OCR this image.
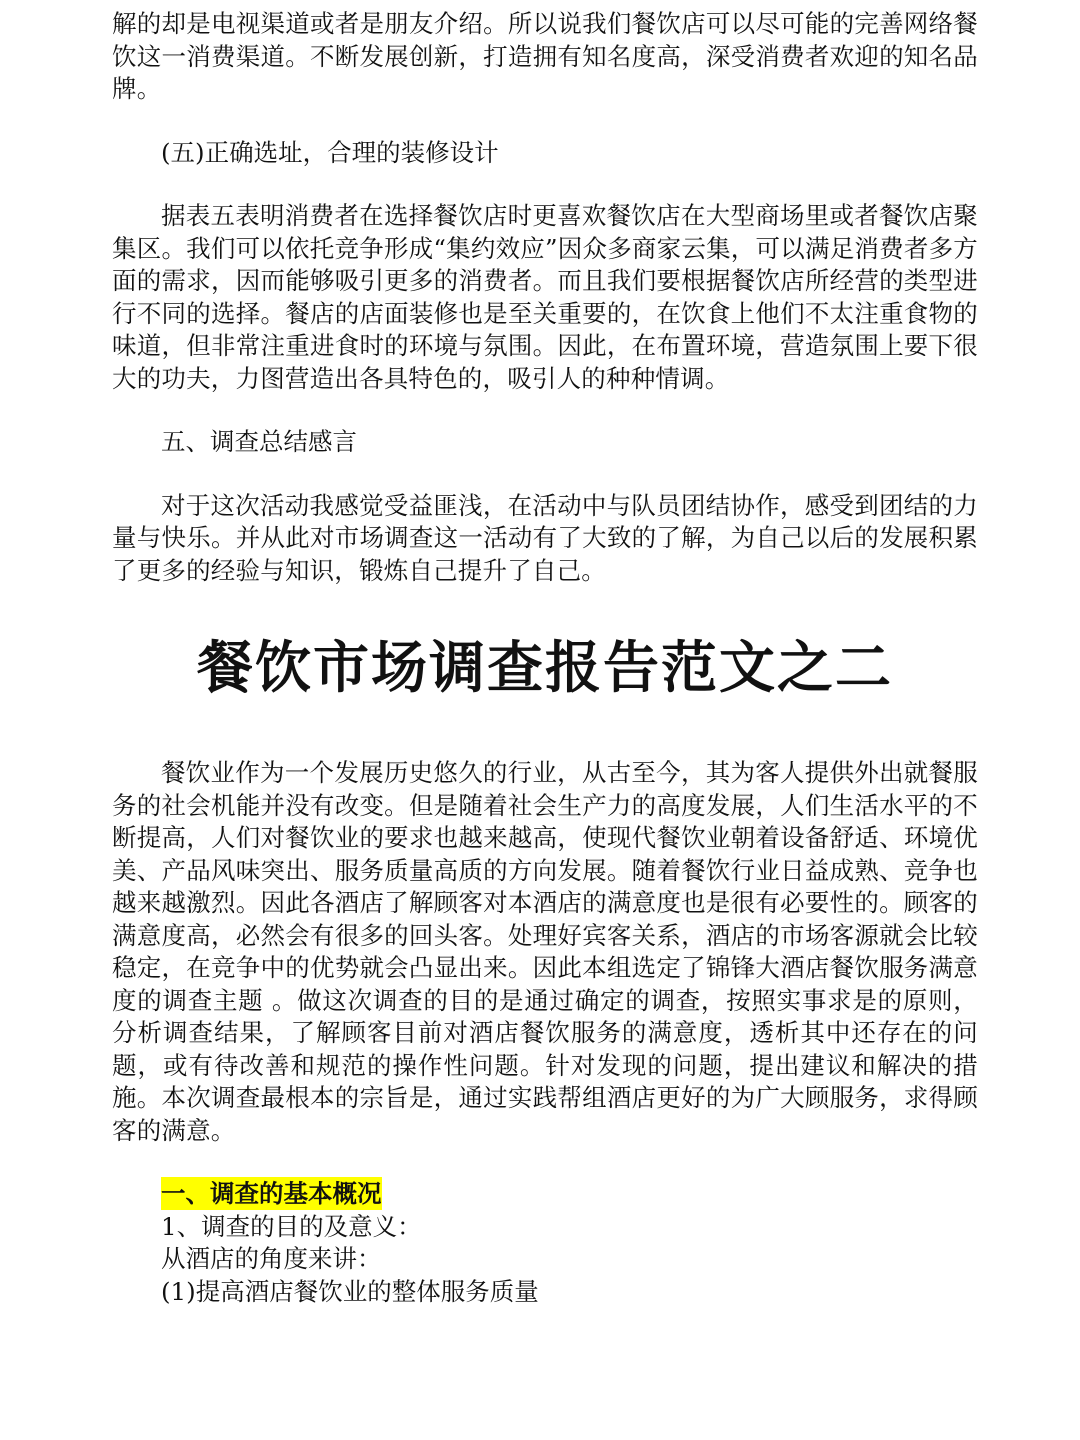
解的却是电视渠道或者是朋友介绍。所以说我们餐饮店可以尽可能的完善网络餐饮这一消费渠道。不断发展创新，打造拥有知名度高，深受消费者欢迎的知名品牌。

(五)正确选址，合理的装修设计

据表五表明消费者在选择餐饮店时更喜欢餐饮店在大型商场里或者餐饮店聚集区。我们可以依托竞争形成“集约效应”因众多商家云集，可以满足消费者多方面的需求，因而能够吸引更多的消费者。而且我们要根据餐饮店所经营的类型进行不同的选择。餐店的店面装修也是至关重要的，在饮食上他们不太注重食物的味道，但非常注重进食时的环境与氛围。因此，在布置环境，营造氛围上要下很大的功夫，力图营造出各具特色的，吸引人的种种情调。

五、调查总结感言

对于这次活动我感觉受益匪浅，在活动中与队员团结协作，感受到团结的力量与快乐。并从此对市场调查这一活动有了大致的了解，为自己以后的发展积累了更多的经验与知识，锻炼自己提升了自己。

餐饮市场调查报告范文之二

餐饮业作为一个发展历史悠久的行业，从古至今，其为客人提供外出就餐服务的社会机能并没有改变。但是随着社会生产力的高度发展，人们生活水平的不断提高，人们对餐饮业的要求也越来越高，使现代餐饮业朝着设备舒适、环境优美、产品风味突出、服务质量高质的方向发展。随着餐饮行业日益成熟、竞争也越来越激烈。因此各酒店了解顾客对本酒店的满意度也是很有必要性的。顾客的满意度高，必然会有很多的回头客。处理好宾客关系，酒店的市场客源就会比较稳定，在竞争中的优势就会凸显出来。因此本组选定了锦锋大酒店餐饮服务满意度的调查主题 。做这次调查的目的是通过确定的调查，按照实事求是的原则，分析调查结果，了解顾客目前对酒店餐饮服务的满意度，透析其中还存在的问题，或有待改善和规范的操作性问题。针对发现的问题，提出建议和解决的措施。本次调查最根本的宗旨是，通过实践帮组酒店更好的为广大顾服务，求得顾客的满意。

一、调查的基本概况

1、调查的目的及意义：

从酒店的角度来讲：

(1)提高酒店餐饮业的整体服务质量
